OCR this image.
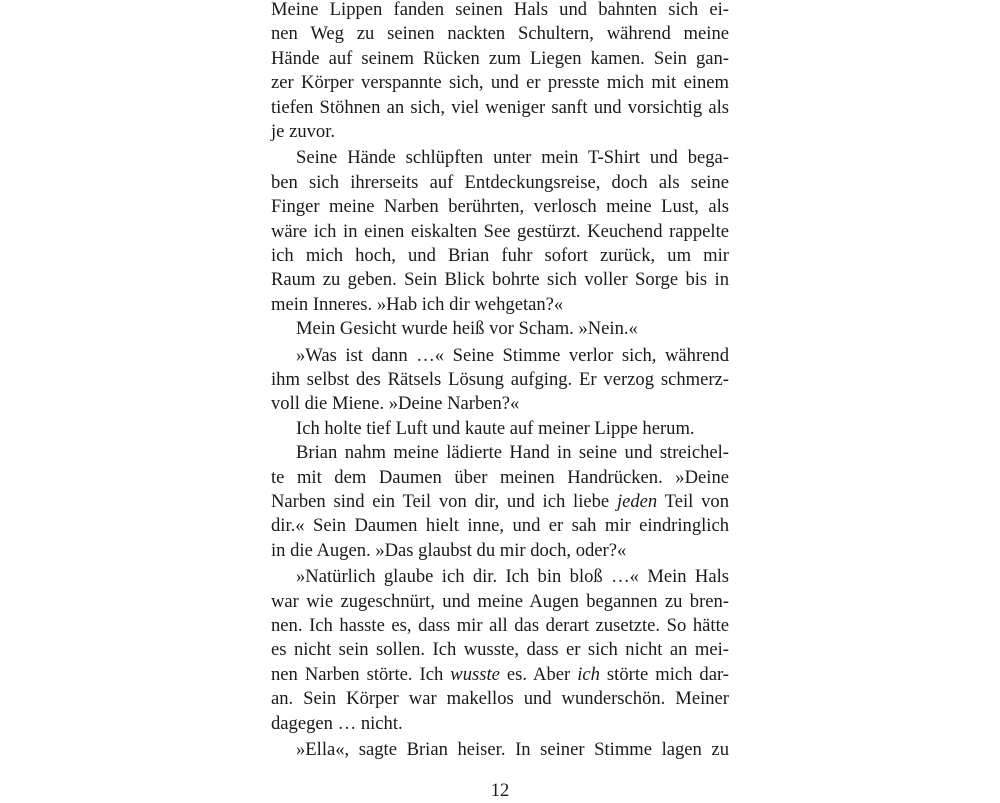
Meine Lippen fanden seinen Hals und bahnten sich ei-
nen Weg zu seinen nackten Schultern, während meine
Hände auf seinem Rücken zum Liegen kamen. Sein gan-
zer Körper verspannte sich, und er presste mich mit einem
tiefen Stöhnen an sich, viel weniger sanft und vorsichtig als
je zuvor.
Seine Hände schlüpften unter mein T-Shirt und bega-
ben sich ihrerseits auf Entdeckungsreise, doch als seine
Finger meine Narben berührten, verlosch meine Lust, als
wäre ich in einen eiskalten See gestürzt. Keuchend rappelte
ich mich hoch, und Brian fuhr sofort zurück, um mir
Raum zu geben. Sein Blick bohrte sich voller Sorge bis in
mein Inneres. »Hab ich dir wehgetan?«
Mein Gesicht wurde heiß vor Scham. »Nein.«
»Was ist dann …« Seine Stimme verlor sich, während
ihm selbst des Rätsels Lösung aufging. Er verzog schmerz-
voll die Miene. »Deine Narben?«
Ich holte tief Luft und kaute auf meiner Lippe herum.
Brian nahm meine lädierte Hand in seine und streichel-
te mit dem Daumen über meinen Handrücken. »Deine
Narben sind ein Teil von dir, und ich liebe jeden Teil von
dir.« Sein Daumen hielt inne, und er sah mir eindringlich
in die Augen. »Das glaubst du mir doch, oder?«
»Natürlich glaube ich dir. Ich bin bloß …« Mein Hals
war wie zugeschnürt, und meine Augen begannen zu bren-
nen. Ich hasste es, dass mir all das derart zusetzte. So hätte
es nicht sein sollen. Ich wusste, dass er sich nicht an mei-
nen Narben störte. Ich wusste es. Aber ich störte mich dar-
an. Sein Körper war makellos und wunderschön. Meiner
dagegen … nicht.
»Ella«, sagte Brian heiser. In seiner Stimme lagen zu
12
